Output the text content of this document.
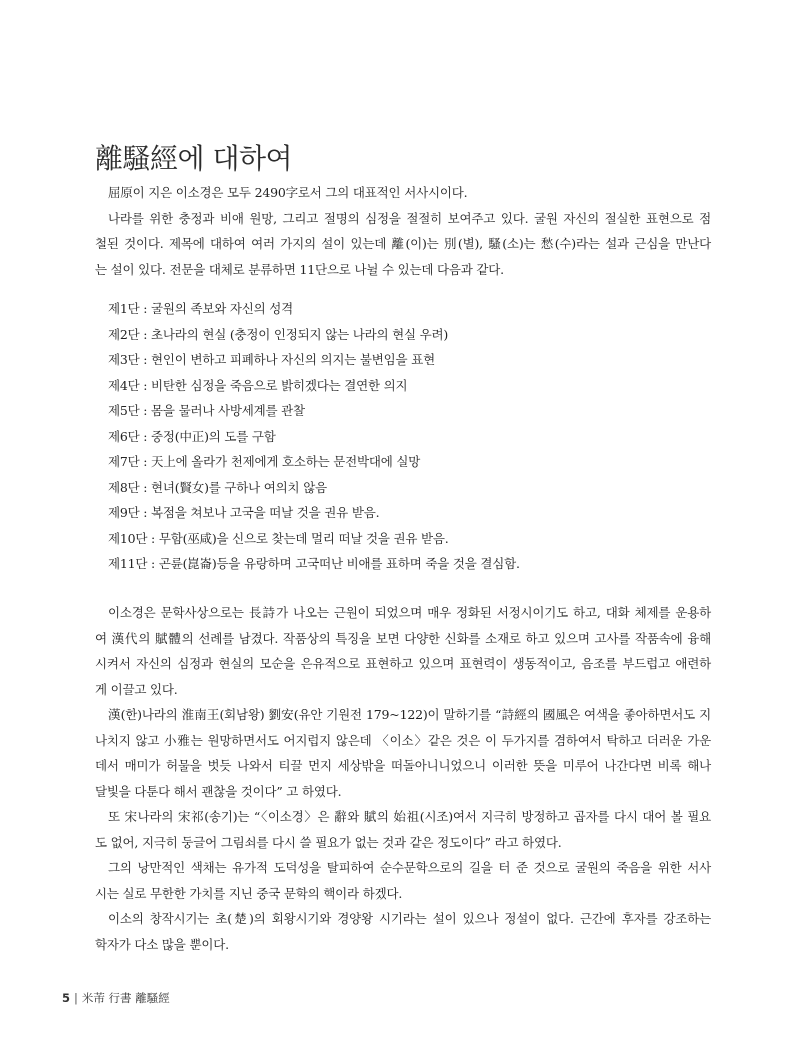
離騷經에 대하여
屈原이 지은 이소경은 모두 2490字로서 그의 대표적인 서사시이다.
나라를 위한 충정과 비애 원망, 그리고 절명의 심정을 절절히 보여주고 있다. 굴원 자신의 절실한 표현으로 점
철된 것이다. 제목에 대하여 여러 가지의 설이 있는데 離(이)는 別(별), 騷(소)는 愁(수)라는 설과 근심을 만난다
는 설이 있다. 전문을 대체로 분류하면 11단으로 나뉠 수 있는데 다음과 같다.
제1단 : 굴원의 족보와 자신의 성격
제2단 : 초나라의 현실 (충정이 인정되지 않는 나라의 현실 우려)
제3단 : 현인이 변하고 피폐하나 자신의 의지는 불변임을 표현
제4단 : 비탄한 심정을 죽음으로 밝히겠다는 결연한 의지
제5단 : 몸을 물러나 사방세계를 관찰
제6단 : 중정(中正)의 도를 구함
제7단 : 天上에 올라가 천제에게 호소하는 문전박대에 실망
제8단 : 현녀(賢女)를 구하나 여의치 않음
제9단 : 복점을 쳐보나 고국을 떠날 것을 권유 받음.
제10단 : 무함(巫咸)을 신으로 찾는데 멀리 떠날 것을 권유 받음.
제11단 : 곤륜(崑崙)등을 유랑하며 고국떠난 비애를 표하며 죽을 것을 결심함.
이소경은 문학사상으로는 長詩가 나오는 근원이 되었으며 매우 정화된 서정시이기도 하고, 대화 체제를 운용하
여 漢代의 賦體의 선례를 남겼다. 작품상의 특징을 보면 다양한 신화를 소재로 하고 있으며 고사를 작품속에 융해
시켜서 자신의 심정과 현실의 모순을 은유적으로 표현하고 있으며 표현력이 생동적이고, 음조를 부드럽고 애련하
게 이끌고 있다.
漢(한)나라의 淮南王(회남왕) 劉安(유안 기원전 179~122)이 말하기를 “詩經의 國風은 여색을 좋아하면서도 지
나치지 않고 小雅는 원망하면서도 어지럽지 않은데 〈이소〉같은 것은 이 두가지를 겸하여서 탁하고 더러운 가운
데서 매미가 허물을 벗듯 나와서 티끌 먼지 세상밖을 떠돌아니니었으니 이러한 뜻을 미루어 나간다면 비록 해나
달빛을 다툰다 해서 괜찮을 것이다” 고 하였다.
또 宋나라의 宋祁(송기)는 “〈이소경〉은 辭와 賦의 始祖(시조)여서 지극히 방정하고 곱자를 다시 대어 볼 필요
도 없어, 지극히 둥글어 그림쇠를 다시 쓸 필요가 없는 것과 같은 정도이다” 라고 하였다.
그의 낭만적인 색채는 유가적 도덕성을 탈피하여 순수문학으로의 길을 터 준 것으로 굴원의 죽음을 위한 서사
시는 실로 무한한 가치를 지닌 중국 문학의 핵이라 하겠다.
이소의 창작시기는 초(楚)의 회왕시기와 경양왕 시기라는 설이 있으나 정설이 없다. 근간에 후자를 강조하는
학자가 다소 많을 뿐이다.
5 | 米芾 行書 離騷經
